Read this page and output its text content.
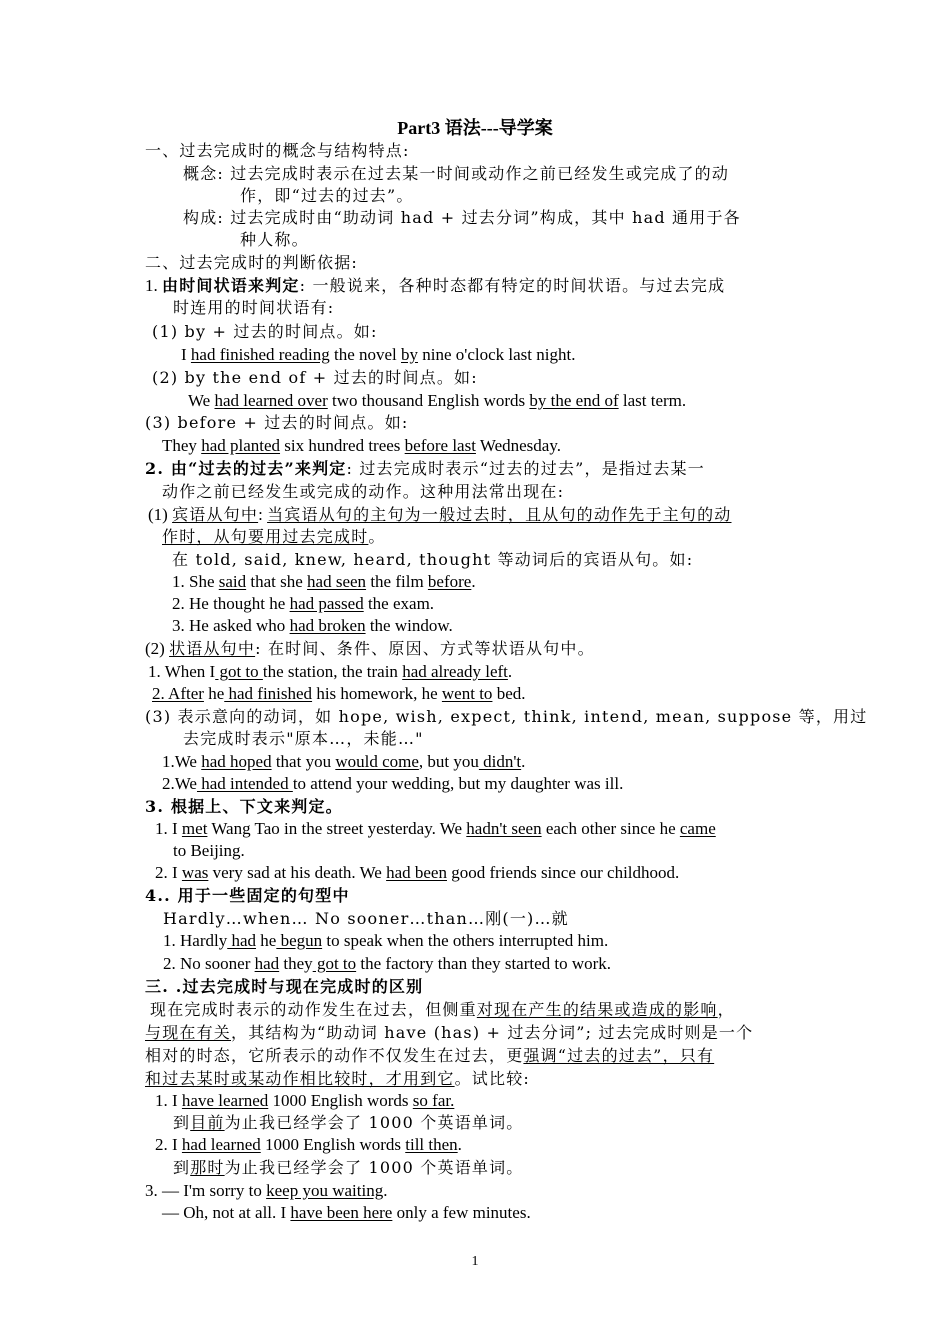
Part3 语法---导学案
一、过去完成时的概念与结构特点:
概念: 过去完成时表示在过去某一时间或动作之前已经发生或完成了的动
作，即“过去的过去”。
构成: 过去完成时由“助动词 had + 过去分词”构成，其中 had 通用于各
种人称。
二、过去完成时的判断依据:
1. 由时间状语来判定: 一般说来，各种时态都有特定的时间状语。与过去完成
时连用的时间状语有:
(1) by + 过去的时间点。如:
I had finished reading the novel by nine o'clock last night.
(2) by the end of + 过去的时间点。如:
We had learned over two thousand English words by the end of last term.
(3) before + 过去的时间点。如:
They had planted six hundred trees before last Wednesday.
2. 由“过去的过去”来判定: 过去完成时表示“过去的过去”，是指过去某一
动作之前已经发生或完成的动作。这种用法常出现在:
(1) 宾语从句中: 当宾语从句的主句为一般过去时，且从句的动作先于主句的动
作时，从句要用过去完成时。
在 told, said, knew, heard, thought 等动词后的宾语从句。如:
1. She said that she had seen the film before.
2. He thought he had passed the exam.
3. He asked who had broken the window.
(2) 状语从句中: 在时间、条件、原因、方式等状语从句中。
1. When I got to the station, the train had already left.
2. After he had finished his homework, he went to bed.
(3) 表示意向的动词，如 hope, wish, expect, think, intend, mean, suppose 等，用过
去完成时表示"原本…，未能…"
1.We had hoped that you would come, but you didn't.
2.We had intended to attend your wedding, but my daughter was ill.
3. 根据上、下文来判定。
1. I met Wang Tao in the street yesterday. We hadn't seen each other since he came
to Beijing.
2. I was very sad at his death. We had been good friends since our childhood.
4.. 用于一些固定的句型中
Hardly…when… No sooner…than…刚(一)…就
1. Hardly had he begun to speak when the others interrupted him.
2. No sooner had they got to the factory than they started to work.
三. .过去完成时与现在完成时的区别
现在完成时表示的动作发生在过去，但侧重对现在产生的结果或造成的影响，
与现在有关，其结构为“助动词 have (has) + 过去分词”; 过去完成时则是一个
相对的时态，它所表示的动作不仅发生在过去，更强调“过去的过去”，只有
和过去某时或某动作相比较时，才用到它。试比较:
1. I have learned 1000 English words so far.
到目前为止我已经学会了 1000 个英语单词。
2. I had learned 1000 English words till then.
到那时为止我已经学会了 1000 个英语单词。
3. — I'm sorry to keep you waiting.
— Oh, not at all. I have been here only a few minutes.
1
